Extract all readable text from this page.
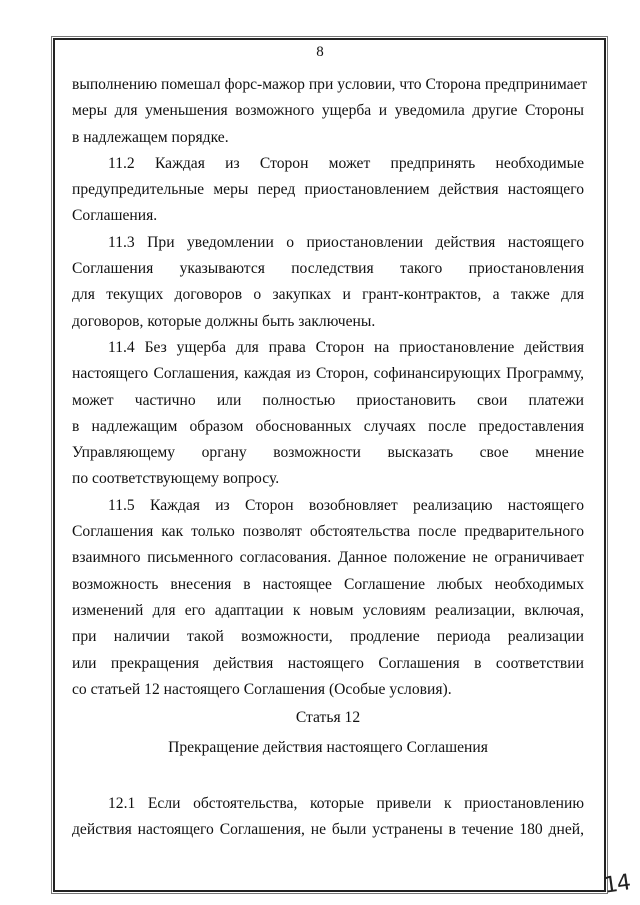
8
выполнению помешал форс-мажор при условии, что Сторона предпринимает
меры для уменьшения возможного ущерба и уведомила другие Стороны
в надлежащем порядке.
11.2 Каждая из Сторон может предпринять необходимые
предупредительные меры перед приостановлением действия настоящего
Соглашения.
11.3 При уведомлении о приостановлении действия настоящего
Соглашения указываются последствия такого приостановления
для текущих договоров о закупках и грант-контрактов, а также для
договоров, которые должны быть заключены.
11.4 Без ущерба для права Сторон на приостановление действия
настоящего Соглашения, каждая из Сторон, софинансирующих Программу,
может частично или полностью приостановить свои платежи
в надлежащим образом обоснованных случаях после предоставления
Управляющему органу возможности высказать свое мнение
по соответствующему вопросу.
11.5 Каждая из Сторон возобновляет реализацию настоящего
Соглашения как только позволят обстоятельства после предварительного
взаимного письменного согласования. Данное положение не ограничивает
возможность внесения в настоящее Соглашение любых необходимых
изменений для его адаптации к новым условиям реализации, включая,
при наличии такой возможности, продление периода реализации
или прекращения действия настоящего Соглашения в соответствии
со статьей 12 настоящего Соглашения (Особые условия).
Статья 12
Прекращение действия настоящего Соглашения
12.1 Если обстоятельства, которые привели к приостановлению
действия настоящего Соглашения, не были устранены в течение 180 дней,
14
